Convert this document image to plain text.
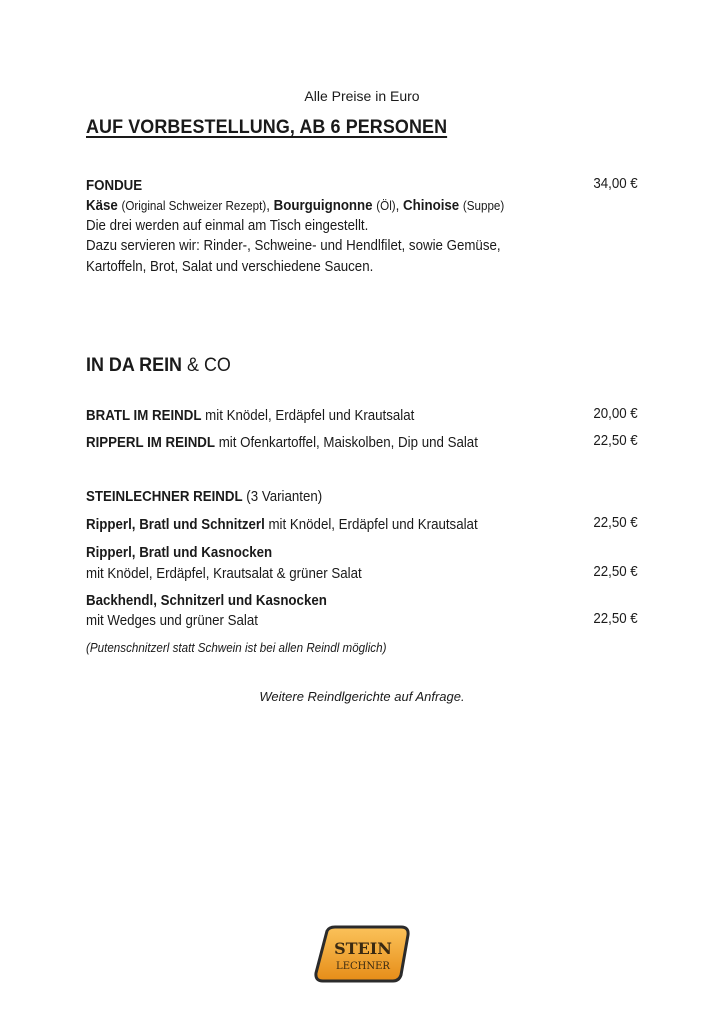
Alle Preise in Euro
AUF VORBESTELLUNG, AB 6 PERSONEN
FONDUE	34,00 €
Käse (Original Schweizer Rezept), Bourguignonne (Öl), Chinoise (Suppe)
Die drei werden auf einmal am Tisch eingestellt.
Dazu servieren wir: Rinder-, Schweine- und Hendlfilet, sowie Gemüse,
Kartoffeln, Brot, Salat und verschiedene Saucen.
IN DA REIN & CO
BRATL IM REINDL mit Knödel, Erdäpfel und Krautsalat	20,00 €
RIPPERL IM REINDL mit Ofenkartoffel, Maiskolben, Dip und Salat	22,50 €
STEINLECHNER REINDL (3 Varianten)
Ripperl, Bratl und Schnitzerl mit Knödel, Erdäpfel und Krautsalat	22,50 €
Ripperl, Bratl und Kasnocken
mit Knödel, Erdäpfel, Krautsalat & grüner Salat	22,50 €
Backhendl, Schnitzerl und Kasnocken
mit Wedges und grüner Salat	22,50 €
(Putenschnitzerl statt Schwein ist bei allen Reindl möglich)
Weitere Reindlgerichte auf Anfrage.
STEIN
LECHNER
